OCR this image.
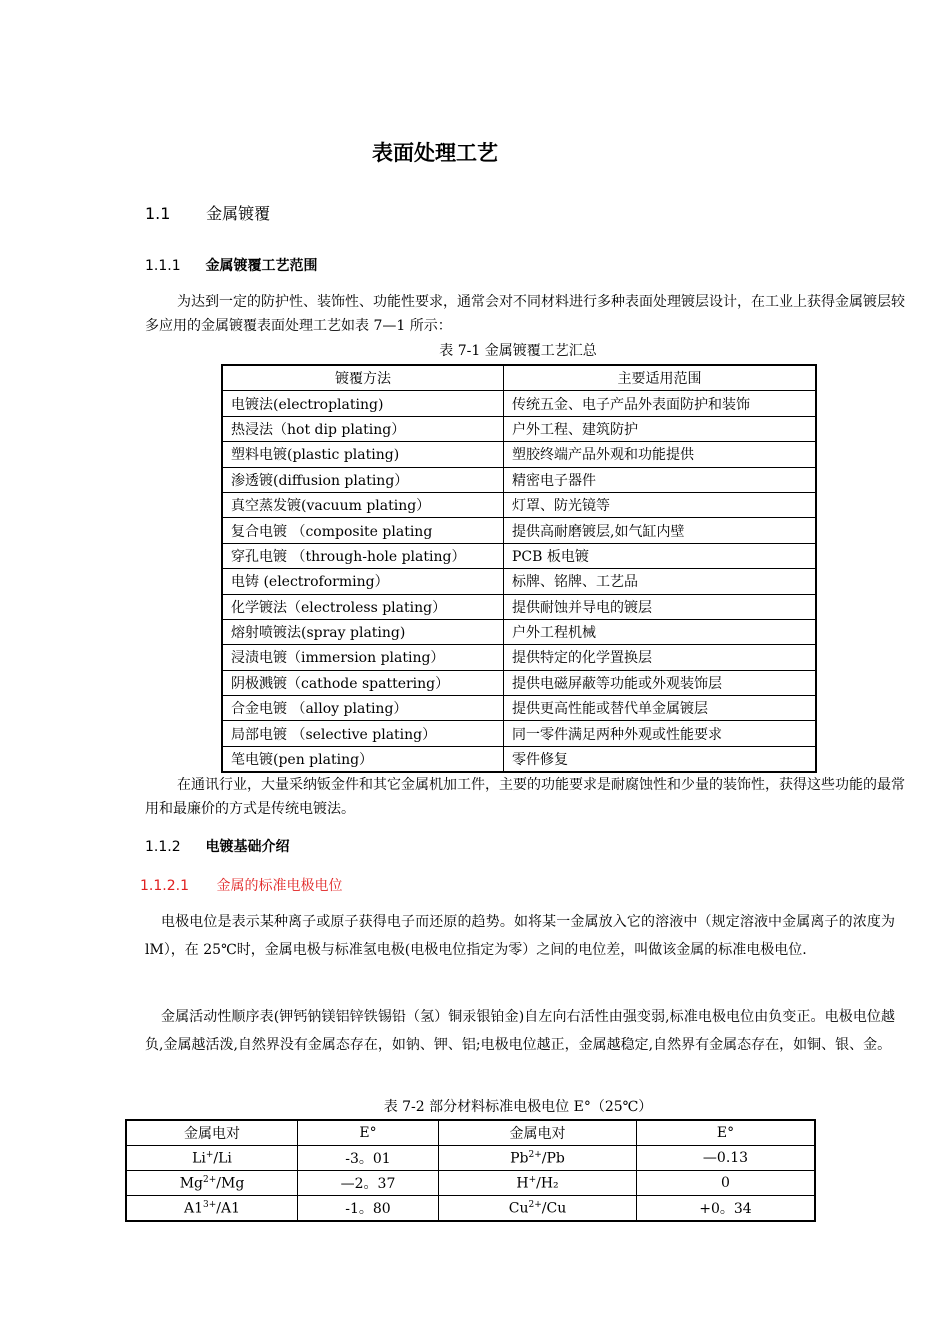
表面处理工艺
1.1 金属镀覆
1.1.1 金属镀覆工艺范围
为达到一定的防护性、装饰性、功能性要求，通常会对不同材料进行多种表面处理镀层设计，在工业上获得金属镀层较多应用的金属镀覆表面处理工艺如表 7—1 所示：
表 7-1 金属镀覆工艺汇总
镀覆方法	主要适用范围
电镀法(electroplating)	传统五金、电子产品外表面防护和装饰
热浸法（hot dip plating）	户外工程、建筑防护
塑料电镀(plastic plating)	塑胶终端产品外观和功能提供
渗透镀(diffusion plating）	精密电子器件
真空蒸发镀(vacuum plating）	灯罩、防光镜等
复合电镀 （composite plating	提供高耐磨镀层,如气缸内壁
穿孔电镀 （through-hole plating）	PCB 板电镀
电铸 (electroforming）	标牌、铭牌、工艺品
化学镀法（electroless plating）	提供耐蚀并导电的镀层
熔射喷镀法(spray plating)	户外工程机械
浸渍电镀（immersion plating）	提供特定的化学置换层
阴极溅镀（cathode spattering）	提供电磁屏蔽等功能或外观装饰层
合金电镀 （alloy plating）	提供更高性能或替代单金属镀层
局部电镀 （selective plating）	同一零件满足两种外观或性能要求
笔电镀(pen plating）	零件修复
在通讯行业，大量采纳钣金件和其它金属机加工件，主要的功能要求是耐腐蚀性和少量的装饰性，获得这些功能的最常用和最廉价的方式是传统电镀法。
1.1.2 电镀基础介绍
1.1.2.1 金属的标准电极电位
电极电位是表示某种离子或原子获得电子而还原的趋势。如将某一金属放入它的溶液中（规定溶液中金属离子的浓度为 lM），在 25℃时，金属电极与标准氢电极(电极电位指定为零）之间的电位差，叫做该金属的标准电极电位.
金属活动性顺序表(钾钙钠镁铝锌铁锡铅（氢）铜汞银铂金)自左向右活性由强变弱,标准电极电位由负变正。电极电位越负,金属越活泼,自然界没有金属态存在，如钠、钾、铝;电极电位越正，金属越稳定,自然界有金属态存在，如铜、银、金。
表 7-2 部分材料标准电极电位 E°（25℃）
金属电对	E°	金属电对	E°
Li+/Li	-3。01	$Pb^{2+}/Pb$	—0.13
$Mg^{2+}/Mg$	—2。37	H+/H₂	0
$A1^{3+}/A1$	-1。80	$Cu^{2+}/Cu$	+0。34
